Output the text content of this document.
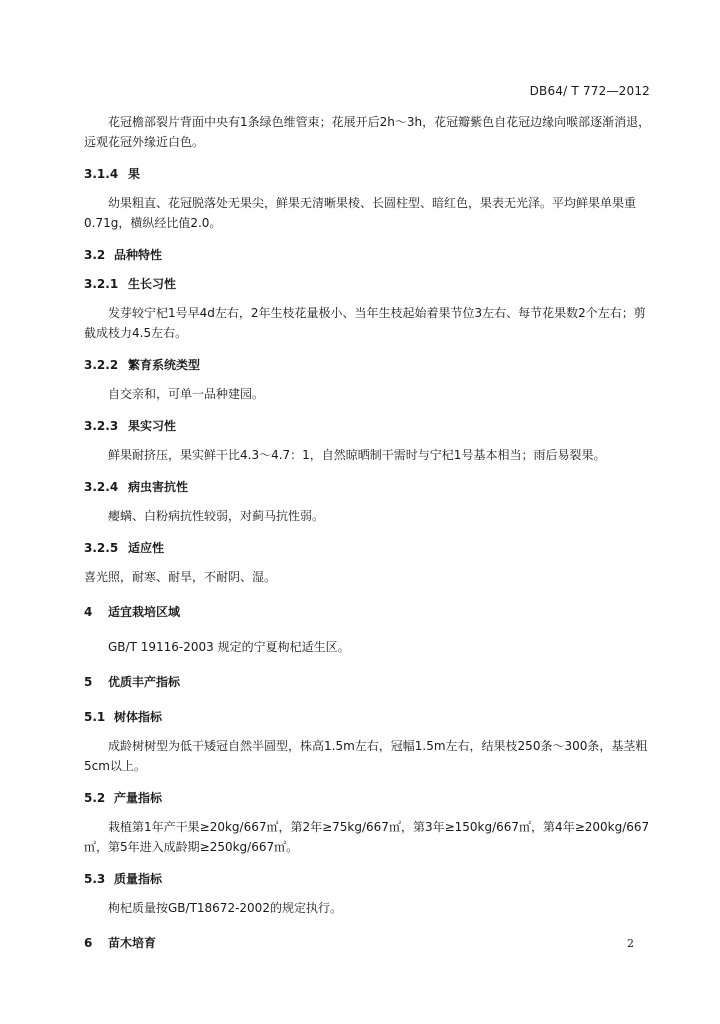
DB64/ T 772—2012

花冠檐部裂片背面中央有1条绿色维管束；花展开后2h～3h，花冠瓣紫色自花冠边缘向喉部逐渐消退，远观花冠外缘近白色。

3.1.4 果

幼果粗直、花冠脱落处无果尖，鲜果无清晰果棱、长圆柱型、暗红色，果表无光泽。平均鲜果单果重0.71g，横纵经比值2.0。

3.2 品种特性

3.2.1 生长习性

发芽较宁杞1号早4d左右，2年生枝花量极小、当年生枝起始着果节位3左右、每节花果数2个左右；剪截成枝力4.5左右。

3.2.2 繁育系统类型

自交亲和，可单一品种建园。

3.2.3 果实习性

鲜果耐挤压，果实鲜干比4.3～4.7：1，自然晾晒制干需时与宁杞1号基本相当；雨后易裂果。

3.2.4 病虫害抗性

瘿螨、白粉病抗性较弱，对蓟马抗性弱。

3.2.5 适应性

喜光照，耐寒、耐旱，不耐阴、湿。

4 适宜栽培区域

GB/T 19116-2003 规定的宁夏枸杞适生区。

5 优质丰产指标

5.1 树体指标

成龄树树型为低干矮冠自然半圆型，株高1.5m左右，冠幅1.5m左右，结果枝250条～300条，基茎粗5cm以上。

5.2 产量指标

栽植第1年产干果≥20kg/667㎡，第2年≥75kg/667㎡，第3年≥150kg/667㎡，第4年≥200kg/667㎡，第5年进入成龄期≥250kg/667㎡。

5.3 质量指标

枸杞质量按GB/T18672-2002的规定执行。

6 苗木培育	2
